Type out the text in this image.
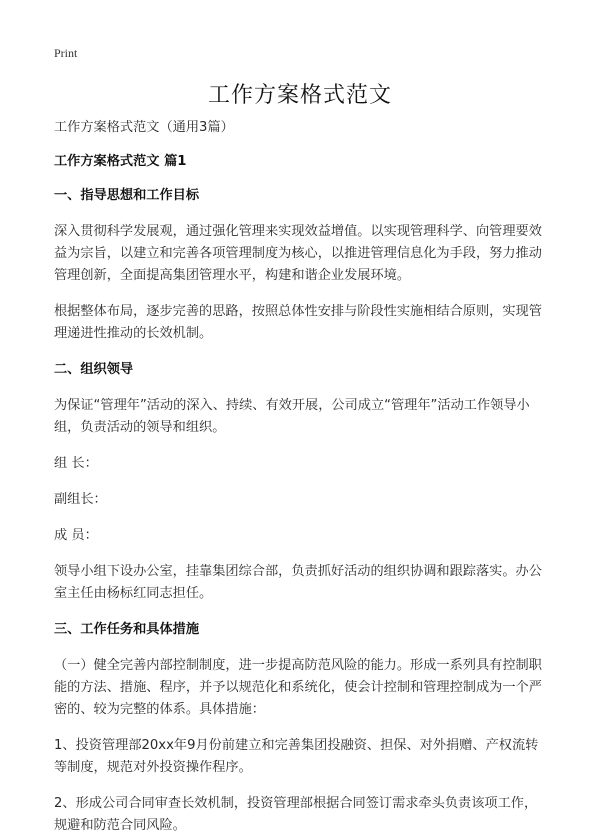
Print
工作方案格式范文

工作方案格式范文（通用3篇）

工作方案格式范文 篇1

一、指导思想和工作目标

深入贯彻科学发展观，通过强化管理来实现效益增值。以实现管理科学、向管理要效益为宗旨，以建立和完善各项管理制度为核心，以推进管理信息化为手段，努力推动管理创新，全面提高集团管理水平，构建和谐企业发展环境。

根据整体布局，逐步完善的思路，按照总体性安排与阶段性实施相结合原则，实现管理递进性推动的长效机制。

二、组织领导

为保证“管理年”活动的深入、持续、有效开展，公司成立“管理年”活动工作领导小组，负责活动的领导和组织。

组 长：

副组长：

成 员：

领导小组下设办公室，挂靠集团综合部，负责抓好活动的组织协调和跟踪落实。办公室主任由杨标红同志担任。

三、工作任务和具体措施

（一）健全完善内部控制制度，进一步提高防范风险的能力。形成一系列具有控制职能的方法、措施、程序，并予以规范化和系统化，使会计控制和管理控制成为一个严密的、较为完整的体系。具体措施：

1、投资管理部20xx年9月份前建立和完善集团投融资、担保、对外捐赠、产权流转等制度，规范对外投资操作程序。

2、形成公司合同审查长效机制，投资管理部根据合同签订需求牵头负责该项工作，规避和防范合同风险。
